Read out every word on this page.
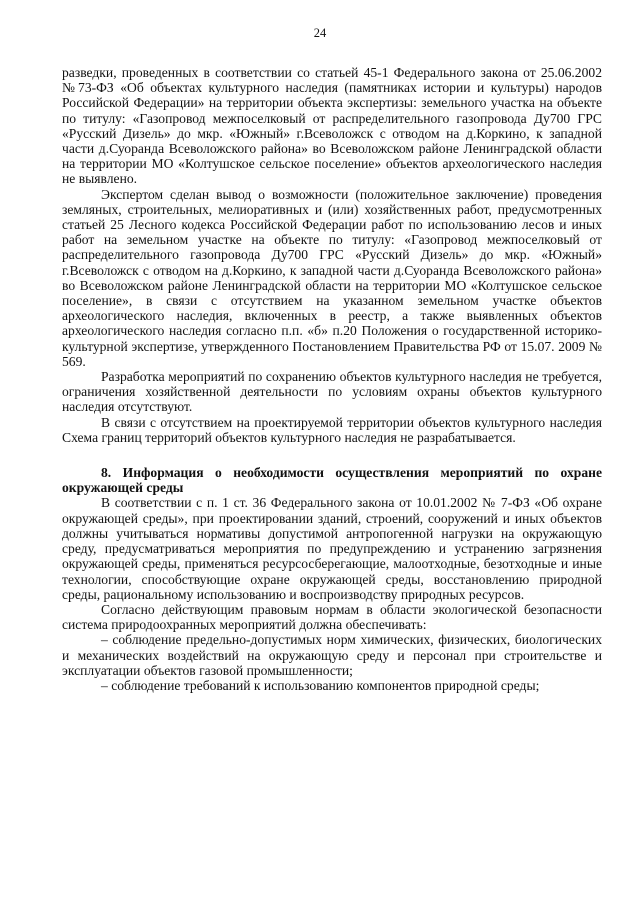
24

разведки, проведенных в соответствии со статьей 45-1 Федерального закона от 25.06.2002 №73-ФЗ «Об объектах культурного наследия (памятниках истории и культуры) народов Российской Федерации» на территории объекта экспертизы: земельного участка на объекте по титулу: «Газопровод межпоселковый от распределительного газопровода Ду700 ГРС «Русский Дизель» до мкр. «Южный» г.Всеволожск с отводом на д.Коркино, к западной части д.Суоранда Всеволожского района» во Всеволожском районе Ленинградской области на территории МО «Колтушское сельское поселение» объектов археологического наследия не выявлено.

Экспертом сделан вывод о возможности (положительное заключение) проведения земляных, строительных, мелиоративных и (или) хозяйственных работ, предусмотренных статьей 25 Лесного кодекса Российской Федерации работ по использованию лесов и иных работ на земельном участке на объекте по титулу: «Газопровод межпоселковый от распределительного газопровода Ду700 ГРС «Русский Дизель» до мкр. «Южный» г.Всеволожск с отводом на д.Коркино, к западной части д.Суоранда Всеволожского района» во Всеволожском районе Ленинградской области на территории МО «Колтушское сельское поселение», в связи с отсутствием на указанном земельном участке объектов археологического наследия, включенных в реестр, а также выявленных объектов археологического наследия согласно п.п. «б» п.20 Положения о государственной историко-культурной экспертизе, утвержденного Постановлением Правительства РФ от 15.07. 2009 № 569.

Разработка мероприятий по сохранению объектов культурного наследия не требуется, ограничения хозяйственной деятельности по условиям охраны объектов культурного наследия отсутствуют.

В связи с отсутствием на проектируемой территории объектов культурного наследия Схема границ территорий объектов культурного наследия не разрабатывается.

8. Информация о необходимости осуществления мероприятий по охране окружающей среды

В соответствии с п. 1 ст. 36 Федерального закона от 10.01.2002 № 7-ФЗ «Об охране окружающей среды», при проектировании зданий, строений, сооружений и иных объектов должны учитываться нормативы допустимой антропогенной нагрузки на окружающую среду, предусматриваться мероприятия по предупреждению и устранению загрязнения окружающей среды, применяться ресурсосберегающие, малоотходные, безотходные и иные технологии, способствующие охране окружающей среды, восстановлению природной среды, рациональному использованию и воспроизводству природных ресурсов.

Согласно действующим правовым нормам в области экологической безопасности система природоохранных мероприятий должна обеспечивать:

– соблюдение предельно-допустимых норм химических, физических, биологических и механических воздействий на окружающую среду и персонал при строительстве и эксплуатации объектов газовой промышленности;

– соблюдение требований к использованию компонентов природной среды;
